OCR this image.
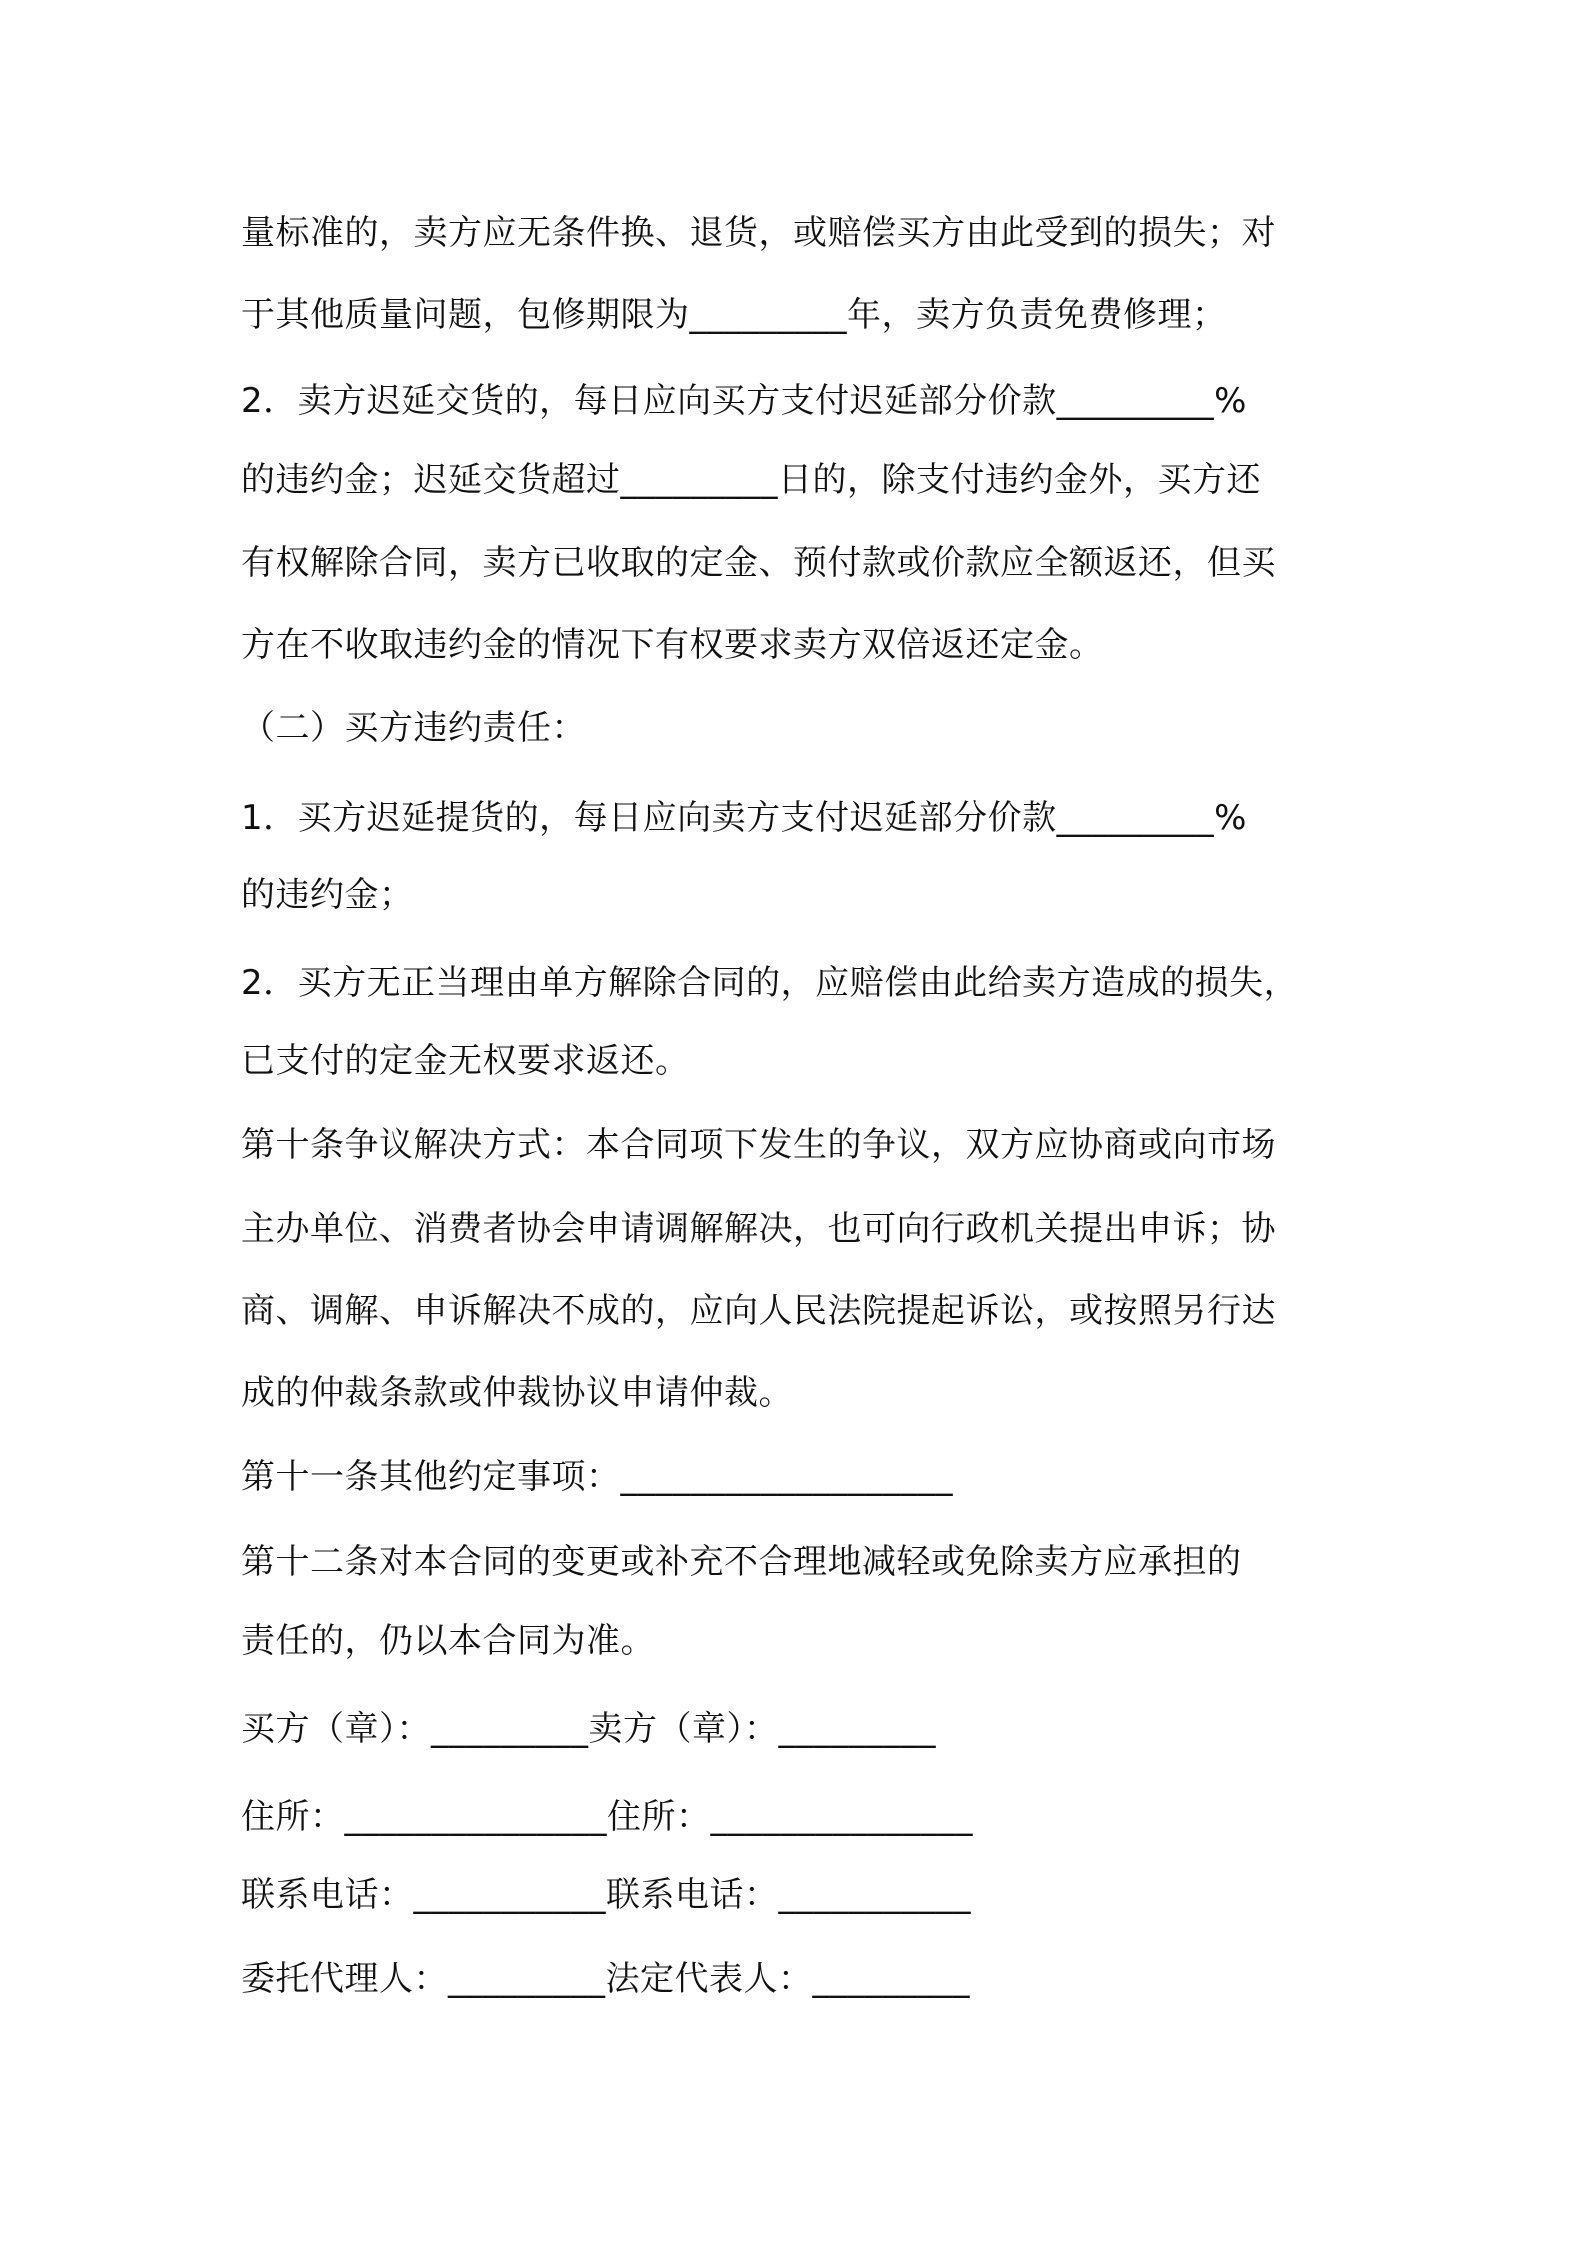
量标准的，卖方应无条件换、退货，或赔偿买方由此受到的损失；对

于其他质量问题，包修期限为_________年，卖方负责免费修理；

2．卖方迟延交货的，每日应向买方支付迟延部分价款_________%

的违约金；迟延交货超过_________日的，除支付违约金外，买方还

有权解除合同，卖方已收取的定金、预付款或价款应全额返还，但买

方在不收取违约金的情况下有权要求卖方双倍返还定金。

（二）买方违约责任：

1．买方迟延提货的，每日应向卖方支付迟延部分价款_________%

的违约金；

2．买方无正当理由单方解除合同的，应赔偿由此给卖方造成的损失，

已支付的定金无权要求返还。

第十条争议解决方式：本合同项下发生的争议，双方应协商或向市场

主办单位、消费者协会申请调解解决，也可向行政机关提出申诉；协

商、调解、申诉解决不成的，应向人民法院提起诉讼，或按照另行达

成的仲裁条款或仲裁协议申请仲裁。

第十一条其他约定事项：___________________

第十二条对本合同的变更或补充不合理地减轻或免除卖方应承担的

责任的，仍以本合同为准。

买方（章）：_________卖方（章）：_________

住所：_______________住所：_______________

联系电话：___________联系电话：___________

委托代理人：_________法定代表人：_________
